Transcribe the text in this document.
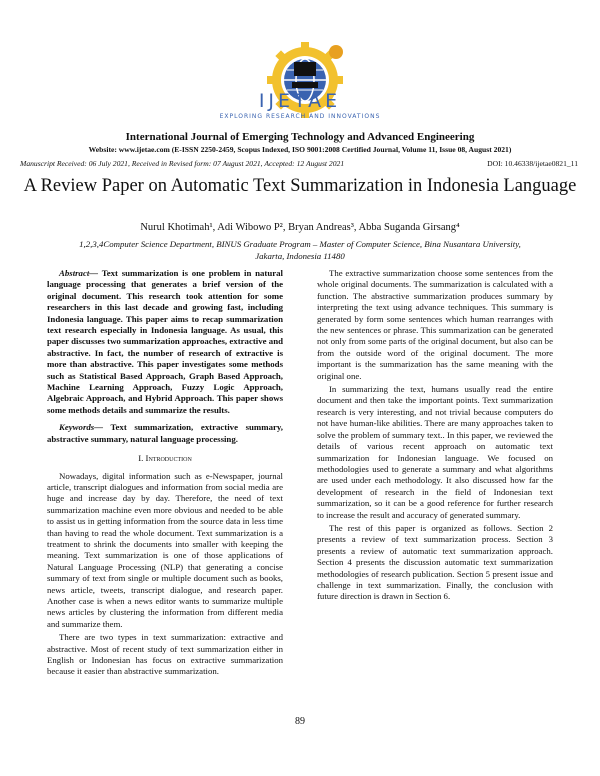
IJETAE
EXPLORING RESEARCH AND INNOVATIONS
International Journal of Emerging Technology and Advanced Engineering
Website: www.ijetae.com (E-ISSN 2250-2459, Scopus Indexed, ISO 9001:2008 Certified Journal, Volume 11, Issue 08, August 2021)
Manuscript Received: 06 July 2021, Received in Revised form: 07 August 2021, Accepted: 12 August 2021	DOI: 10.46338/ijetae0821_11
A Review Paper on Automatic Text Summarization in Indonesia Language
Nurul Khotimah¹, Adi Wibowo P², Bryan Andreas³, Abba Suganda Girsang⁴
1,2,3,4Computer Science Department, BINUS Graduate Program – Master of Computer Science, Bina Nusantara University,
Jakarta, Indonesia 11480

Abstract— Text summarization is one problem in natural language processing that generates a brief version of the original document. This research took attention for some researchers in this last decade and growing fast, including Indonesia language. This paper aims to recap summarization text research especially in Indonesia language. As usual, this paper discusses two summarization approaches, extractive and abstractive. In fact, the number of research of extractive is more than abstractive. This paper investigates some methods such as Statistical Based Approach, Graph Based Approach, Machine Learning Approach, Fuzzy Logic Approach, Algebraic Approach, and Hybrid Approach. This paper shows some methods details and summarize the results.

Keywords— Text summarization, extractive summary, abstractive summary, natural language processing.

I. Introduction

Nowadays, digital information such as e-Newspaper, journal article, transcript dialogues and information from social media are huge and increase day by day. Therefore, the need of text summarization machine even more obvious and needed to be able to assist us in getting information from the source data in less time than having to read the whole document. Text summarization is a treatment to shrink the documents into smaller with keeping the meaning. Text summarization is one of those applications of Natural Language Processing (NLP) that generating a concise summary of text from single or multiple document such as books, news article, tweets, transcript dialogue, and research paper. Another case is when a news editor wants to summarize multiple news articles by clustering the information from different media and summarize them.

There are two types in text summarization: extractive and abstractive. Most of recent study of text summarization either in English or Indonesian has focus on extractive summarization because it easier than abstractive summarization.

The extractive summarization choose some sentences from the whole original documents. The summarization is calculated with a function. The abstractive summarization produces summary by interpreting the text using advance techniques. This summary is generated by form some sentences which human rearranges with the new sentences or phrase. This summarization can be generated not only from some parts of the original document, but also can be from the outside word of the original document. The more important is the summarization has the same meaning with the original one.

In summarizing the text, humans usually read the entire document and then take the important points. Text summarization research is very interesting, and not trivial because computers do not have human-like abilities. There are many approaches taken to solve the problem of summary text.. In this paper, we reviewed the details of various recent approach on automatic text summarization for Indonesian language. We focused on methodologies used to generate a summary and what algorithms are used under each methodology. It also discussed how far the development of research in the field of Indonesian text summarization, so it can be a good reference for further research to increase the result and accuracy of generated summary.

The rest of this paper is organized as follows. Section 2 presents a review of text summarization process. Section 3 presents a review of automatic text summarization approach. Section 4 presents the discussion automatic text summarization methodologies of research publication. Section 5 present issue and challenge in text summarization. Finally, the conclusion with future direction is drawn in Section 6.

89
